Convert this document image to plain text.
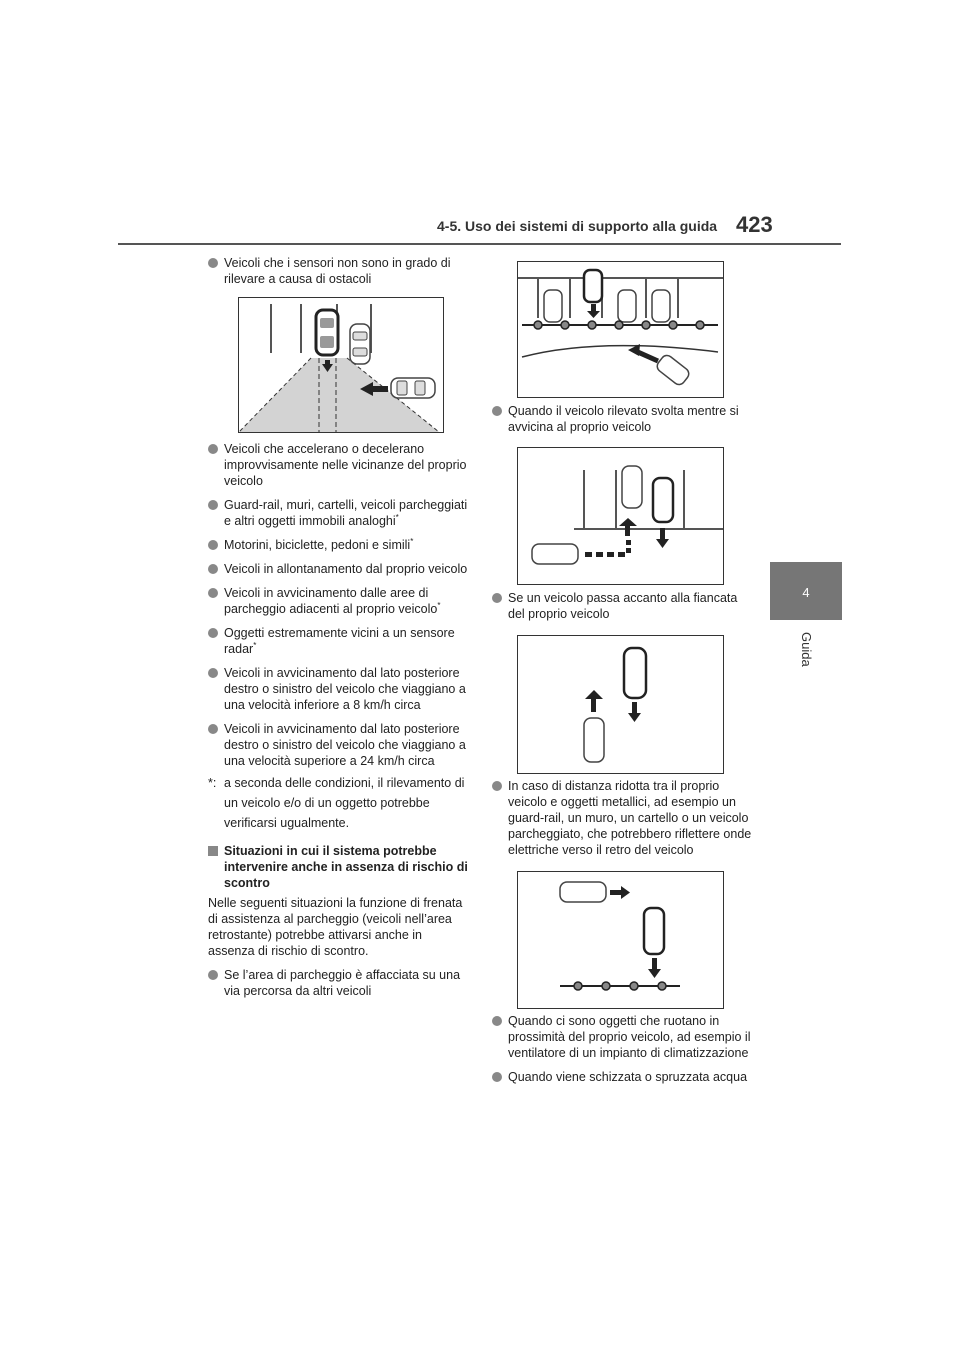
4-5. Uso dei sistemi di supporto alla guida 423
4
Guida

Veicoli che i sensori non sono in grado di rilevare a causa di ostacoli

Veicoli che accelerano o decelerano improvvisamente nelle vicinanze del proprio veicolo

Guard-rail, muri, cartelli, veicoli parcheggiati e altri oggetti immobili analoghi*

Motorini, biciclette, pedoni e simili*

Veicoli in allontanamento dal proprio veicolo

Veicoli in avvicinamento dalle aree di parcheggio adiacenti al proprio veicolo*

Oggetti estremamente vicini a un sensore radar*

Veicoli in avvicinamento dal lato posteriore destro o sinistro del veicolo che viaggiano a una velocità inferiore a 8 km/h circa

Veicoli in avvicinamento dal lato posteriore destro o sinistro del veicolo che viaggiano a una velocità superiore a 24 km/h circa

*: a seconda delle condizioni, il rilevamento di un veicolo e/o di un oggetto potrebbe verificarsi ugualmente.

Situazioni in cui il sistema potrebbe intervenire anche in assenza di rischio di scontro

Nelle seguenti situazioni la funzione di frenata di assistenza al parcheggio (veicoli nell’area retrostante) potrebbe attivarsi anche in assenza di rischio di scontro.

Se l’area di parcheggio è affacciata su una via percorsa da altri veicoli

Quando il veicolo rilevato svolta mentre si avvicina al proprio veicolo

Se un veicolo passa accanto alla fiancata del proprio veicolo

In caso di distanza ridotta tra il proprio veicolo e oggetti metallici, ad esempio un guard-rail, un muro, un cartello o un veicolo parcheggiato, che potrebbero riflettere onde elettriche verso il retro del veicolo

Quando ci sono oggetti che ruotano in prossimità del proprio veicolo, ad esempio il ventilatore di un impianto di climatizzazione

Quando viene schizzata o spruzzata acqua
